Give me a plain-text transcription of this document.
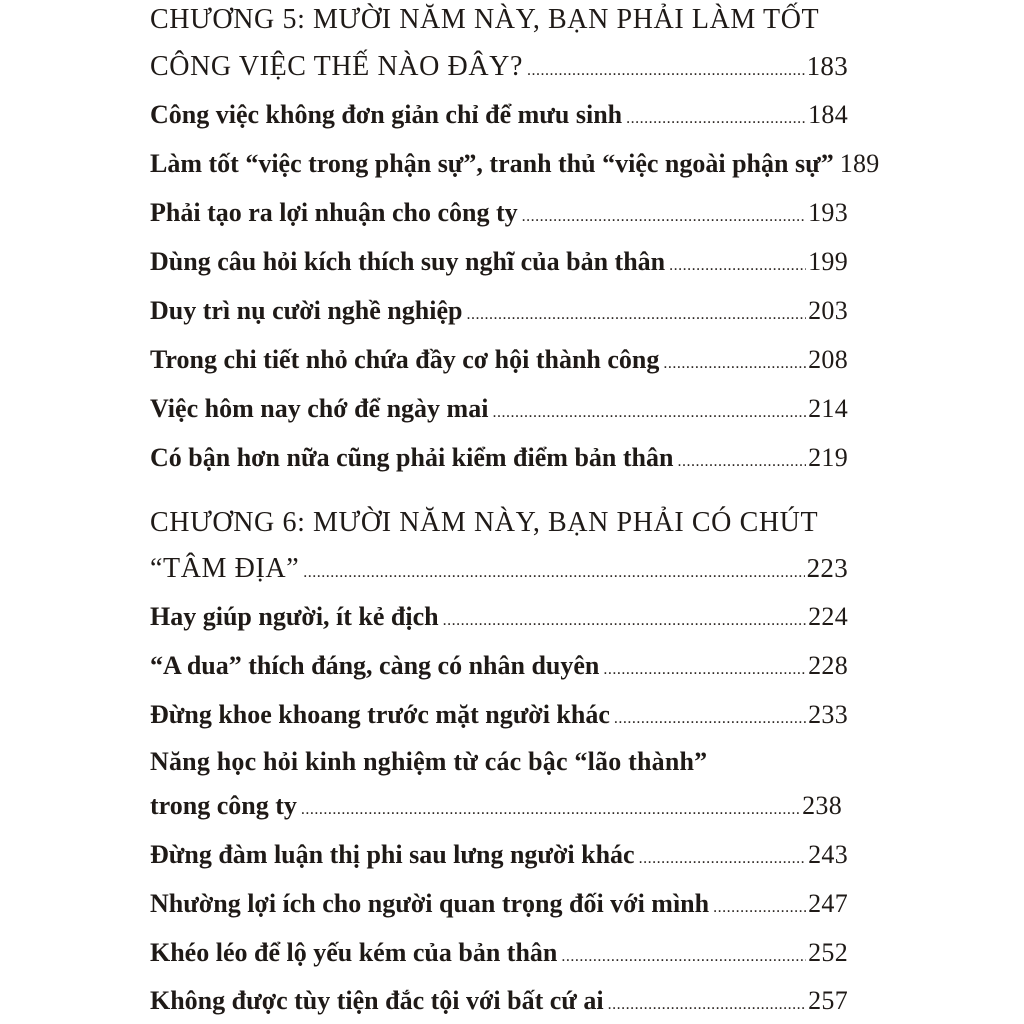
CHƯƠNG 5: MƯỜI NĂM NÀY, BẠN PHẢI LÀM TỐT
CÔNG VIỆC THẾ NÀO ĐÂY? .....	183
Công việc không đơn giản chỉ để mưu sinh .....	184
Làm tốt “việc trong phận sự”, tranh thủ “việc ngoài phận sự” 189
Phải tạo ra lợi nhuận cho công ty .....	193
Dùng câu hỏi kích thích suy nghĩ của bản thân .....	199
Duy trì nụ cười nghề nghiệp .....	203
Trong chi tiết nhỏ chứa đầy cơ hội thành công .....	208
Việc hôm nay chớ để ngày mai .....	214
Có bận hơn nữa cũng phải kiểm điểm bản thân .....	219
CHƯƠNG 6: MƯỜI NĂM NÀY, BẠN PHẢI CÓ CHÚT
“TÂM ĐỊA” .....	223
Hay giúp người, ít kẻ địch .....	224
“A dua” thích đáng, càng có nhân duyên .....	228
Đừng khoe khoang trước mặt người khác .....	233
Năng học hỏi kinh nghiệm từ các bậc “lão thành”
trong công ty .....	238
Đừng đàm luận thị phi sau lưng người khác .....	243
Nhường lợi ích cho người quan trọng đối với mình .....	247
Khéo léo để lộ yếu kém của bản thân .....	252
Không được tùy tiện đắc tội với bất cứ ai .....	257
